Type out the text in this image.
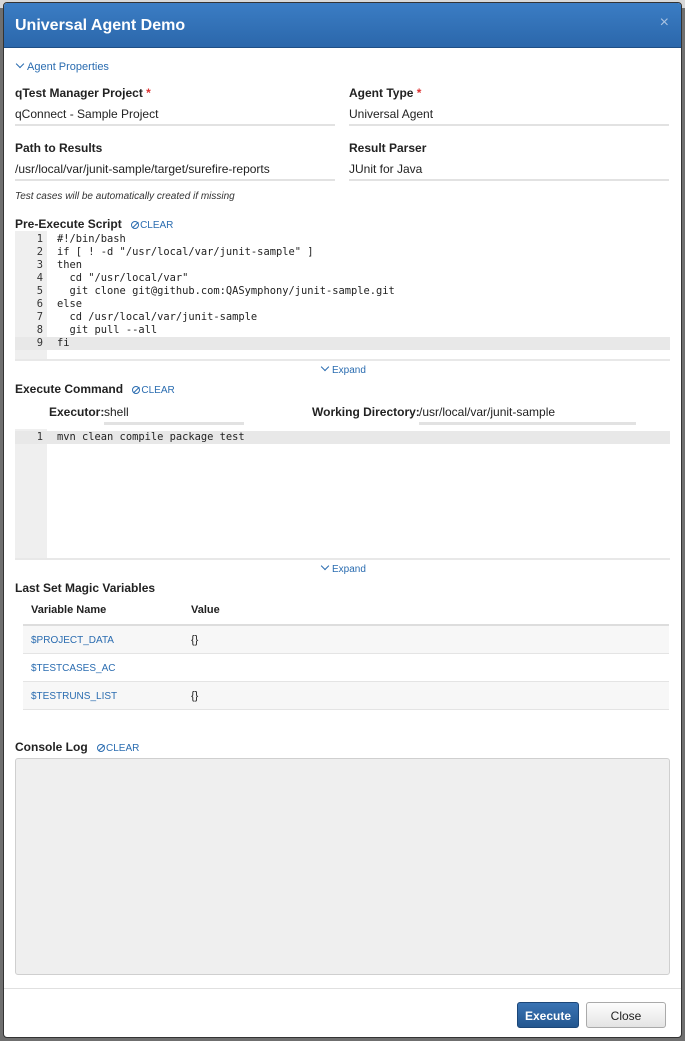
Universal Agent Demo	×
Agent Properties
qTest Manager Project *
qConnect - Sample Project
Agent Type *
Universal Agent
Path to Results
/usr/local/var/junit-sample/target/surefire-reports
Result Parser
JUnit for Java
Test cases will be automatically created if missing
Pre-Execute Script CLEAR
1 #!/bin/bash
2 if [ ! -d "/usr/local/var/junit-sample" ]
3 then
4 cd "/usr/local/var"
5 git clone git@github.com:QASymphony/junit-sample.git
6 else
7 cd /usr/local/var/junit-sample
8 git pull --all
9 fi
Expand
Execute Command CLEAR
Executor: shell	Working Directory: /usr/local/var/junit-sample
1 mvn clean compile package test
Expand
Last Set Magic Variables
Variable Name	Value
$PROJECT_DATA	{}
$TESTCASES_AC	
$TESTRUNS_LIST	{}
Console Log CLEAR
Execute	Close
